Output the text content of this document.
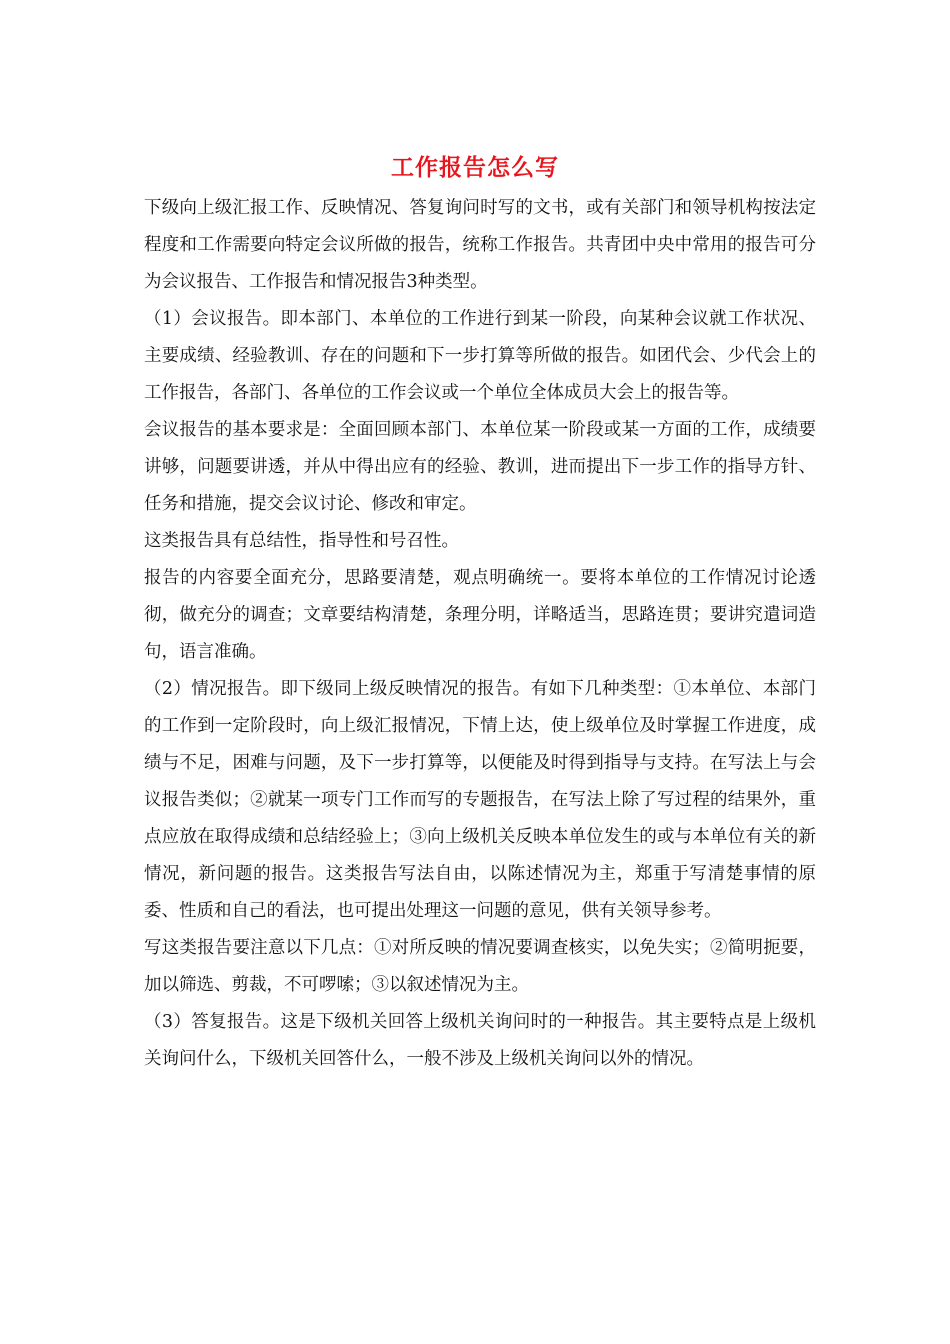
工作报告怎么写

下级向上级汇报工作、反映情况、答复询问时写的文书，或有关部门和领导机构按法定程度和工作需要向特定会议所做的报告，统称工作报告。共青团中央中常用的报告可分为会议报告、工作报告和情况报告3种类型。

（1）会议报告。即本部门、本单位的工作进行到某一阶段，向某种会议就工作状况、主要成绩、经验教训、存在的问题和下一步打算等所做的报告。如团代会、少代会上的工作报告，各部门、各单位的工作会议或一个单位全体成员大会上的报告等。

会议报告的基本要求是：全面回顾本部门、本单位某一阶段或某一方面的工作，成绩要讲够，问题要讲透，并从中得出应有的经验、教训，进而提出下一步工作的指导方针、任务和措施，提交会议讨论、修改和审定。

这类报告具有总结性，指导性和号召性。

报告的内容要全面充分，思路要清楚，观点明确统一。要将本单位的工作情况讨论透彻，做充分的调查；文章要结构清楚，条理分明，详略适当，思路连贯；要讲究遣词造句，语言准确。

（2）情况报告。即下级同上级反映情况的报告。有如下几种类型：①本单位、本部门的工作到一定阶段时，向上级汇报情况，下情上达，使上级单位及时掌握工作进度，成绩与不足，困难与问题，及下一步打算等，以便能及时得到指导与支持。在写法上与会议报告类似；②就某一项专门工作而写的专题报告，在写法上除了写过程的结果外，重点应放在取得成绩和总结经验上；③向上级机关反映本单位发生的或与本单位有关的新情况，新问题的报告。这类报告写法自由，以陈述情况为主，郑重于写清楚事情的原委、性质和自己的看法，也可提出处理这一问题的意见，供有关领导参考。

写这类报告要注意以下几点：①对所反映的情况要调查核实，以免失实；②简明扼要，加以筛选、剪裁，不可啰嗦；③以叙述情况为主。

（3）答复报告。这是下级机关回答上级机关询问时的一种报告。其主要特点是上级机关询问什么，下级机关回答什么，一般不涉及上级机关询问以外的情况。
